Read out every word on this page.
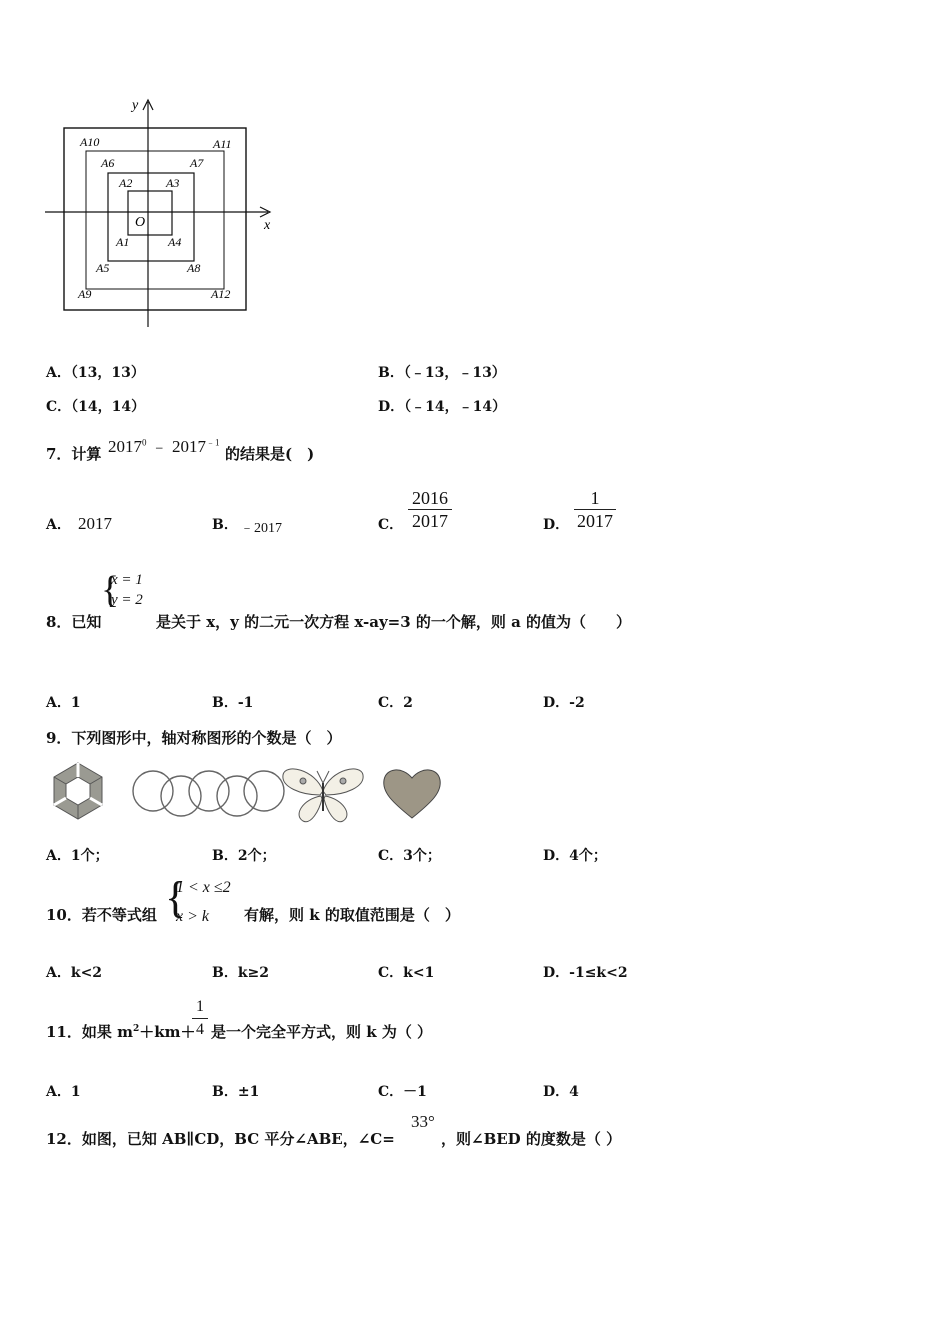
y
x
O
A1
A2	A3
A4
A5
A6	A7
A8
A9
A10	A11
A12
A．（13，13）	B．（﹣13，﹣13）
C．（14，14）	D．（﹣14，﹣14）
7．计算 2017$^0$ ﹣ $2017^{﹣1}$
的结果是(　)
A． 2017	B． ﹣2017	C．
2016
2017	D．
1
2017
{
x = 1
y = 2
8．已知	是关于 x，y 的二元一次方程 x-ay=3 的一个解，则 a 的值为（　　）
A．1	B．-1	C．2	D．-2
9．下列图形中，轴对称图形的个数是（　）
A．1个；	B．2个；	C．3个；	D．4个；
10．若不等式组 {
1 < x ≤2
x > k 有解，则 k 的取值范围是（　）
A．k<2	B．k≥2	C．k<1	D．-1≤k<2
11．如果 $m^2+km+$
1
4 是一个完全平方式，则 k 为（ ）
A．1	B．±1	C．－1	D．4
12．如图，已知 AB∥CD，BC 平分∠ABE，∠C=
33°
，则∠BED 的度数是（ ）
